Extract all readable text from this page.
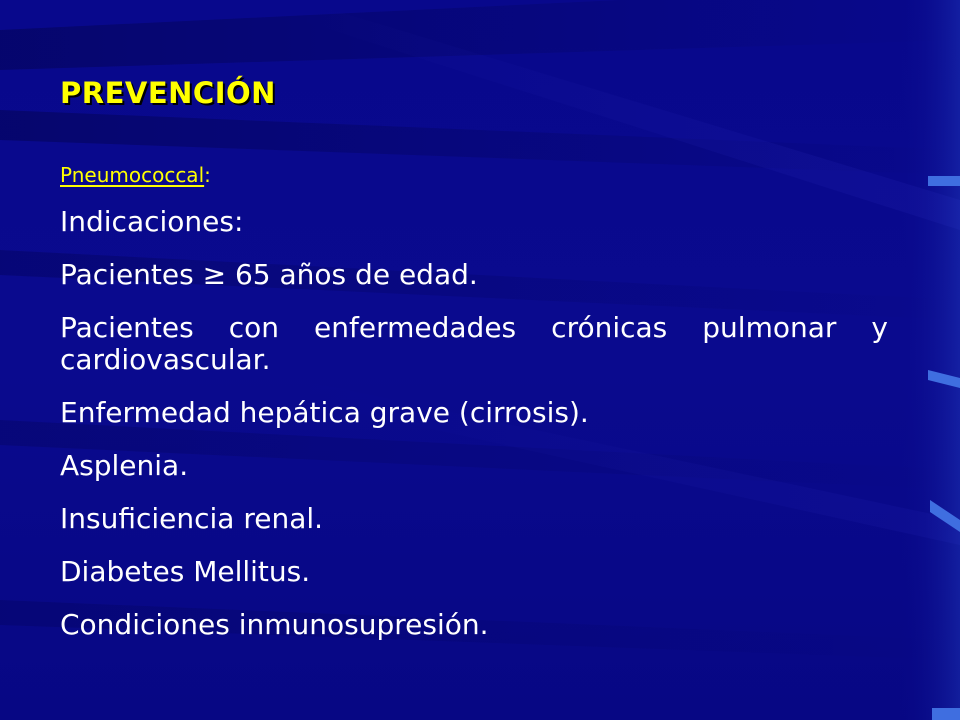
PREVENCIÓN
Pneumococcal:
Indicaciones:
Pacientes ≥ 65 años de edad.
Pacientes con enfermedades crónicas pulmonar y cardiovascular.
Enfermedad hepática grave (cirrosis).
Asplenia.
Insuficiencia renal.
Diabetes Mellitus.
Condiciones inmunosupresión.
